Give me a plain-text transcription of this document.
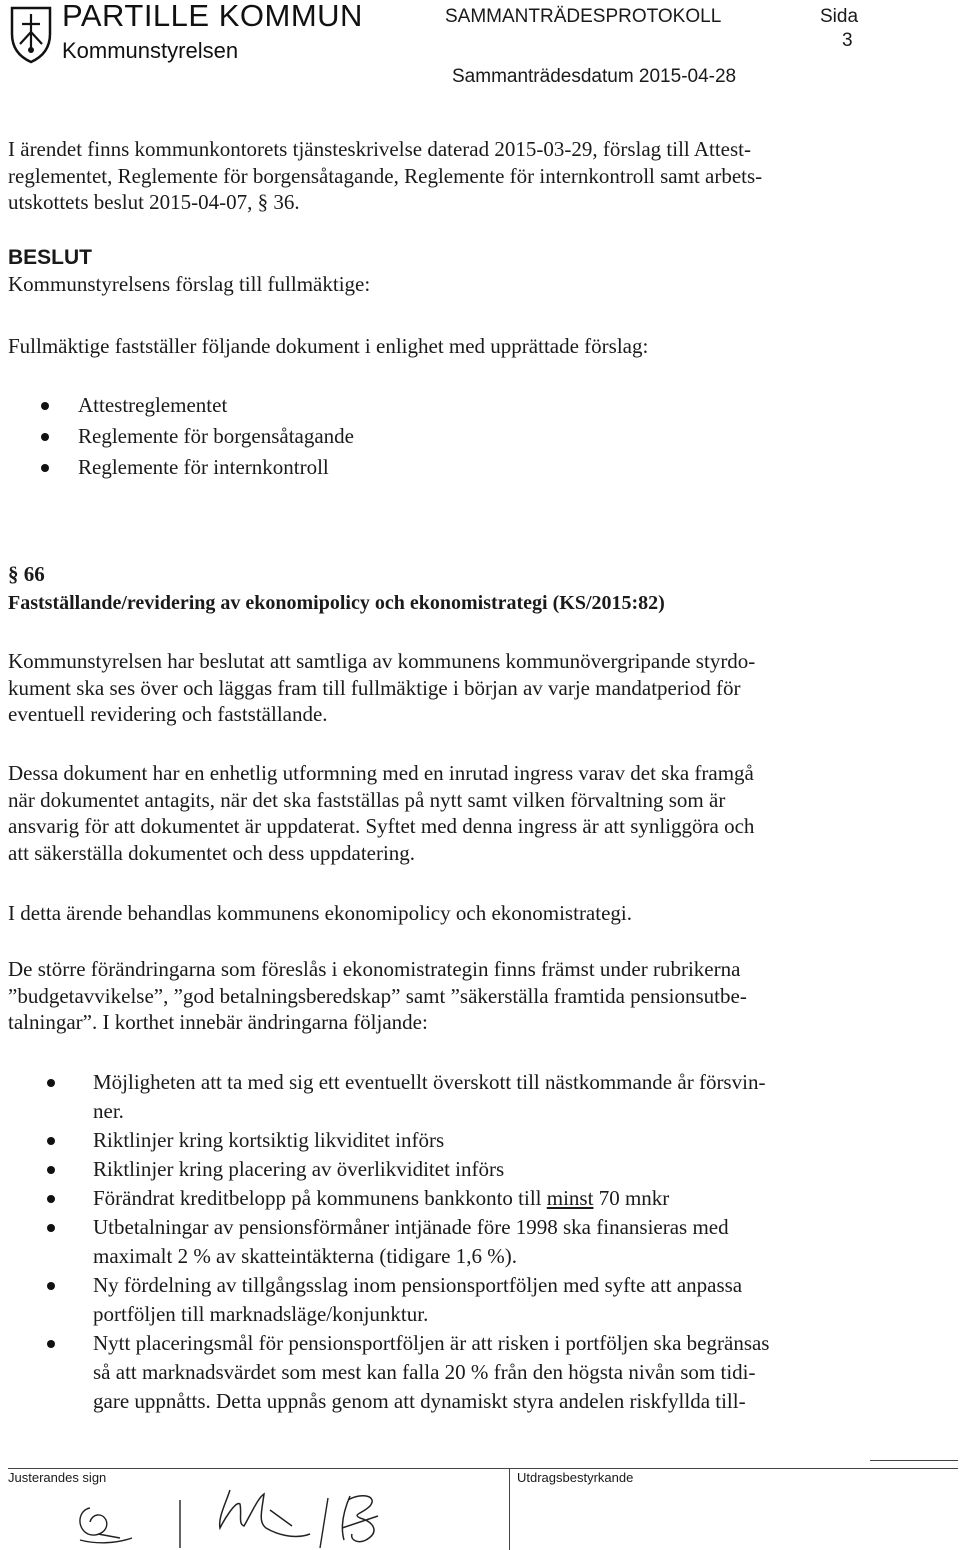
PARTILLE KOMMUN
Kommunstyrelsen
SAMMANTRÄDESPROTOKOLL	Sida
3
Sammanträdesdatum 2015-04-28
I ärendet finns kommunkontorets tjänsteskrivelse daterad 2015-03-29, förslag till Attest-
reglementet, Reglemente för borgensåtagande, Reglemente för internkontroll samt arbets-
utskottets beslut 2015-04-07, § 36.
BESLUT
Kommunstyrelsens förslag till fullmäktige:
Fullmäktige fastställer följande dokument i enlighet med upprättade förslag:
Attestreglementet
Reglemente för borgensåtagande
Reglemente för internkontroll
§ 66
Fastställande/revidering av ekonomipolicy och ekonomistrategi (KS/2015:82)
Kommunstyrelsen har beslutat att samtliga av kommunens kommunövergripande styrdo-
kument ska ses över och läggas fram till fullmäktige i början av varje mandatperiod för
eventuell revidering och fastställande.
Dessa dokument har en enhetlig utformning med en inrutad ingress varav det ska framgå
när dokumentet antagits, när det ska fastställas på nytt samt vilken förvaltning som är
ansvarig för att dokumentet är uppdaterat. Syftet med denna ingress är att synliggöra och
att säkerställa dokumentet och dess uppdatering.
I detta ärende behandlas kommunens ekonomipolicy och ekonomistrategi.
De större förändringarna som föreslås i ekonomistrategin finns främst under rubrikerna
”budgetavvikelse”, ”god betalningsberedskap” samt ”säkerställa framtida pensionsutbe-
talningar”. I korthet innebär ändringarna följande:
Möjligheten att ta med sig ett eventuellt överskott till nästkommande år försvin-
ner.
Riktlinjer kring kortsiktig likviditet införs
Riktlinjer kring placering av överlikviditet införs
Förändrat kreditbelopp på kommunens bankkonto till minst 70 mnkr
Utbetalningar av pensionsförmåner intjänade före 1998 ska finansieras med
maximalt 2 % av skatteintäkterna (tidigare 1,6 %).
Ny fördelning av tillgångsslag inom pensionsportföljen med syfte att anpassa
portföljen till marknadsläge/konjunktur.
Nytt placeringsmål för pensionsportföljen är att risken i portföljen ska begränsas
så att marknadsvärdet som mest kan falla 20 % från den högsta nivån som tidi-
gare uppnåtts. Detta uppnås genom att dynamiskt styra andelen riskfyllda till-
Justerandes sign	Utdragsbestyrkande
